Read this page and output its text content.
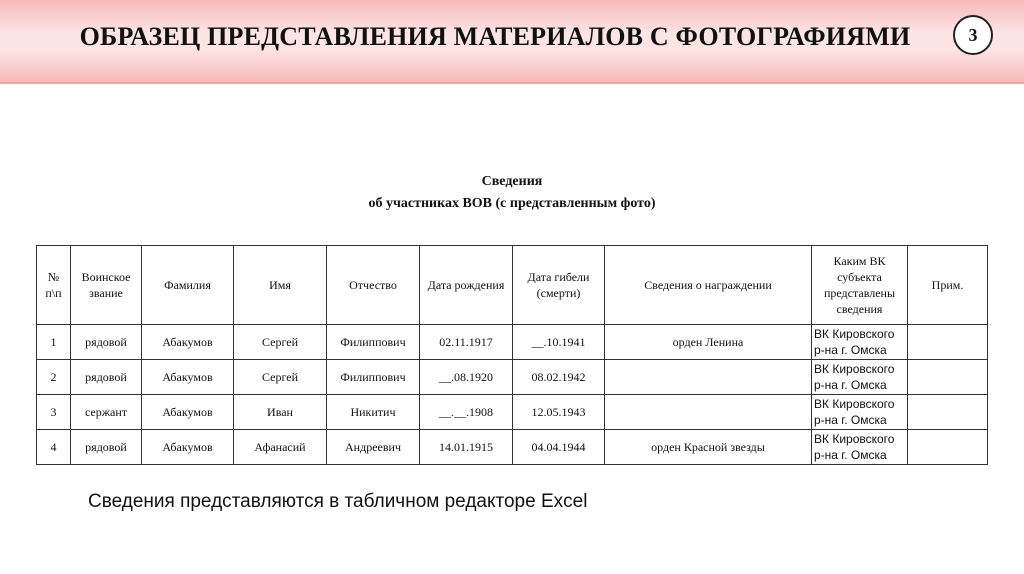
ОБРАЗЕЦ ПРЕДСТАВЛЕНИЯ МАТЕРИАЛОВ С ФОТОГРАФИЯМИ	3
Сведения
об участниках ВОВ (с представленным фото)
№ п\п	Воинское звание	Фамилия	Имя	Отчество	Дата рождения	Дата гибели (смерти)	Сведения о награждении	Каким ВК субъекта представлены сведения	Прим.
1	рядовой	Абакумов	Сергей	Филиппович	02.11.1917	__.10.1941	орден Ленина	ВК Кировского р-на г. Омска	
2	рядовой	Абакумов	Сергей	Филиппович	__.08.1920	08.02.1942		ВК Кировского р-на г. Омска	
3	сержант	Абакумов	Иван	Никитич	__.__.1908	12.05.1943		ВК Кировского р-на г. Омска	
4	рядовой	Абакумов	Афанасий	Андреевич	14.01.1915	04.04.1944	орден Красной звезды	ВК Кировского р-на г. Омска	
Сведения представляются в табличном редакторе Excel
